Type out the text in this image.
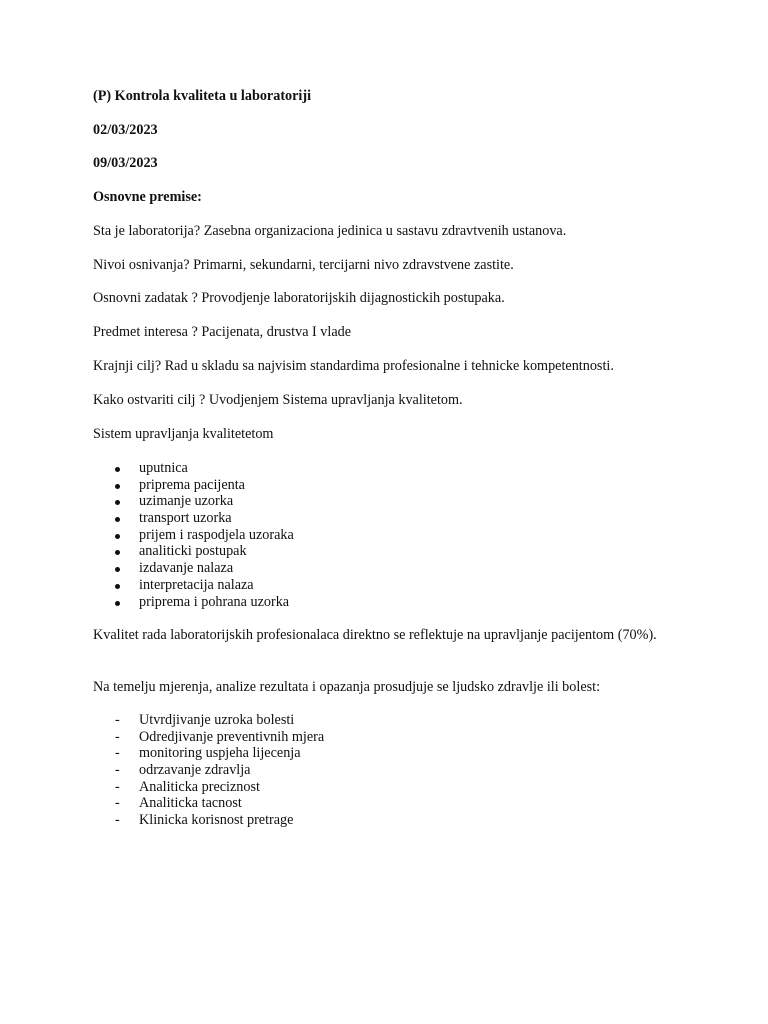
(P) Kontrola kvaliteta u laboratoriji
02/03/2023
09/03/2023
Osnovne premise:
Sta je laboratorija? Zasebna organizaciona jedinica u sastavu zdravtvenih ustanova.
Nivoi osnivanja? Primarni, sekundarni, tercijarni nivo zdravstvene zastite.
Osnovni zadatak ? Provodjenje laboratorijskih dijagnostickih postupaka.
Predmet interesa ? Pacijenata, drustva I vlade
Krajnji cilj? Rad u skladu sa najvisim standardima profesionalne i tehnicke kompetentnosti.
Kako ostvariti cilj ? Uvodjenjem Sistema upravljanja kvalitetom.
Sistem upravljanja kvalitetetom
uputnica
priprema pacijenta
uzimanje uzorka
transport uzorka
prijem i raspodjela uzoraka
analiticki postupak
izdavanje nalaza
interpretacija nalaza
priprema i pohrana uzorka
Kvalitet rada laboratorijskih profesionalaca direktno se reflektuje na upravljanje pacijentom (70%).
Na temelju mjerenja, analize rezultata i opazanja prosudjuje se ljudsko zdravlje ili bolest:
-	Utvrdjivanje uzroka bolesti
-	Odredjivanje preventivnih mjera
-	monitoring uspjeha lijecenja
-	odrzavanje zdravlja
-	Analiticka preciznost
-	Analiticka tacnost
-	Klinicka korisnost pretrage
